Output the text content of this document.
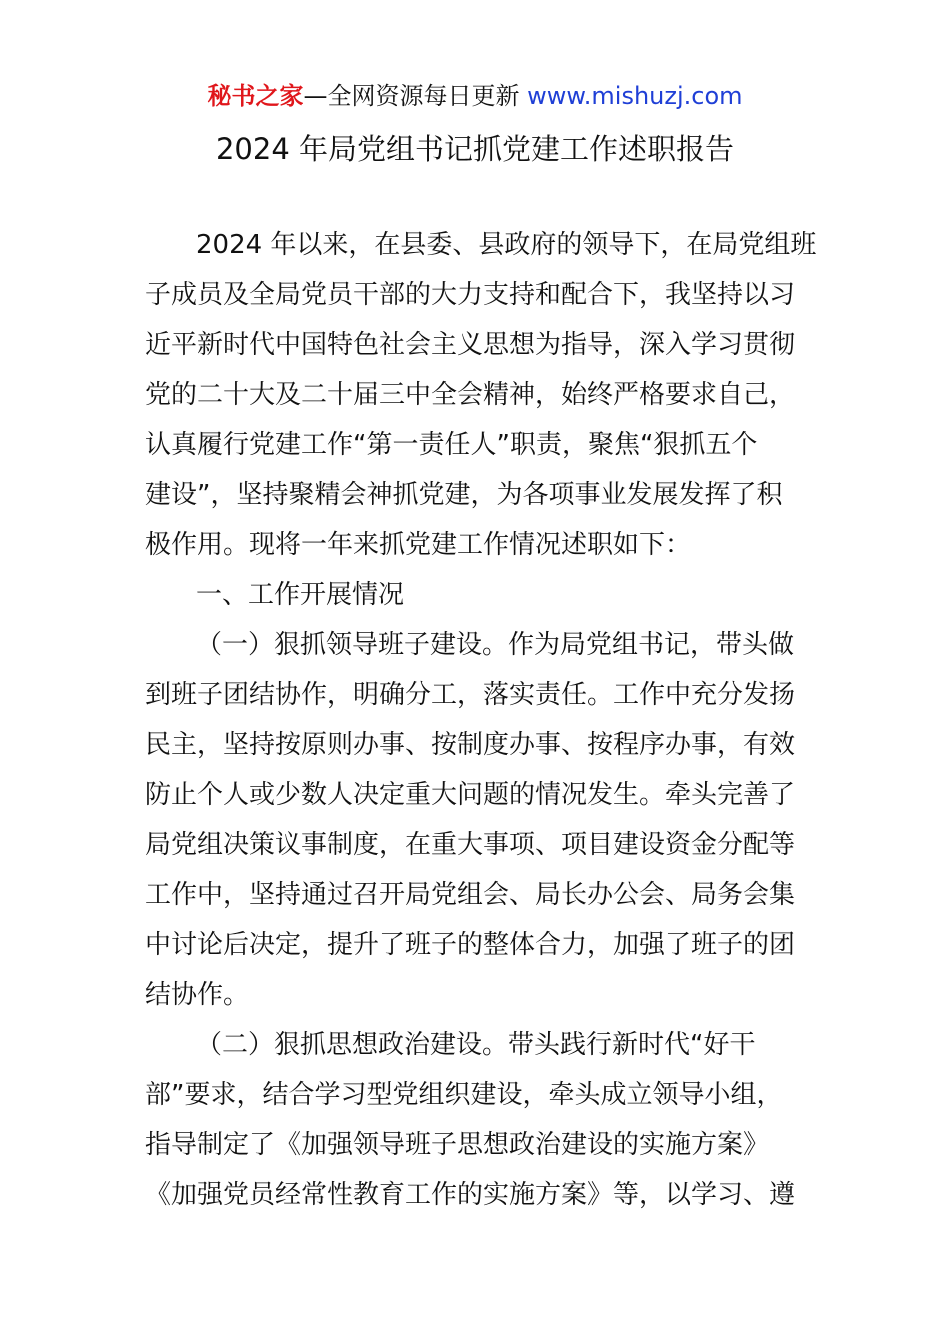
秘书之家—全网资源每日更新 www.mishuzj.com
2024 年局党组书记抓党建工作述职报告
2024 年以来，在县委、县政府的领导下，在局党组班
子成员及全局党员干部的大力支持和配合下，我坚持以习
近平新时代中国特色社会主义思想为指导，深入学习贯彻
党的二十大及二十届三中全会精神，始终严格要求自己，
认真履行党建工作“第一责任人”职责，聚焦“狠抓五个
建设”，坚持聚精会神抓党建，为各项事业发展发挥了积
极作用。现将一年来抓党建工作情况述职如下：
一、工作开展情况
（一）狠抓领导班子建设。作为局党组书记，带头做
到班子团结协作，明确分工，落实责任。工作中充分发扬
民主，坚持按原则办事、按制度办事、按程序办事，有效
防止个人或少数人决定重大问题的情况发生。牵头完善了
局党组决策议事制度，在重大事项、项目建设资金分配等
工作中，坚持通过召开局党组会、局长办公会、局务会集
中讨论后决定，提升了班子的整体合力，加强了班子的团
结协作。
（二）狠抓思想政治建设。带头践行新时代“好干
部”要求，结合学习型党组织建设，牵头成立领导小组，
指导制定了《加强领导班子思想政治建设的实施方案》
《加强党员经常性教育工作的实施方案》等，以学习、遵
